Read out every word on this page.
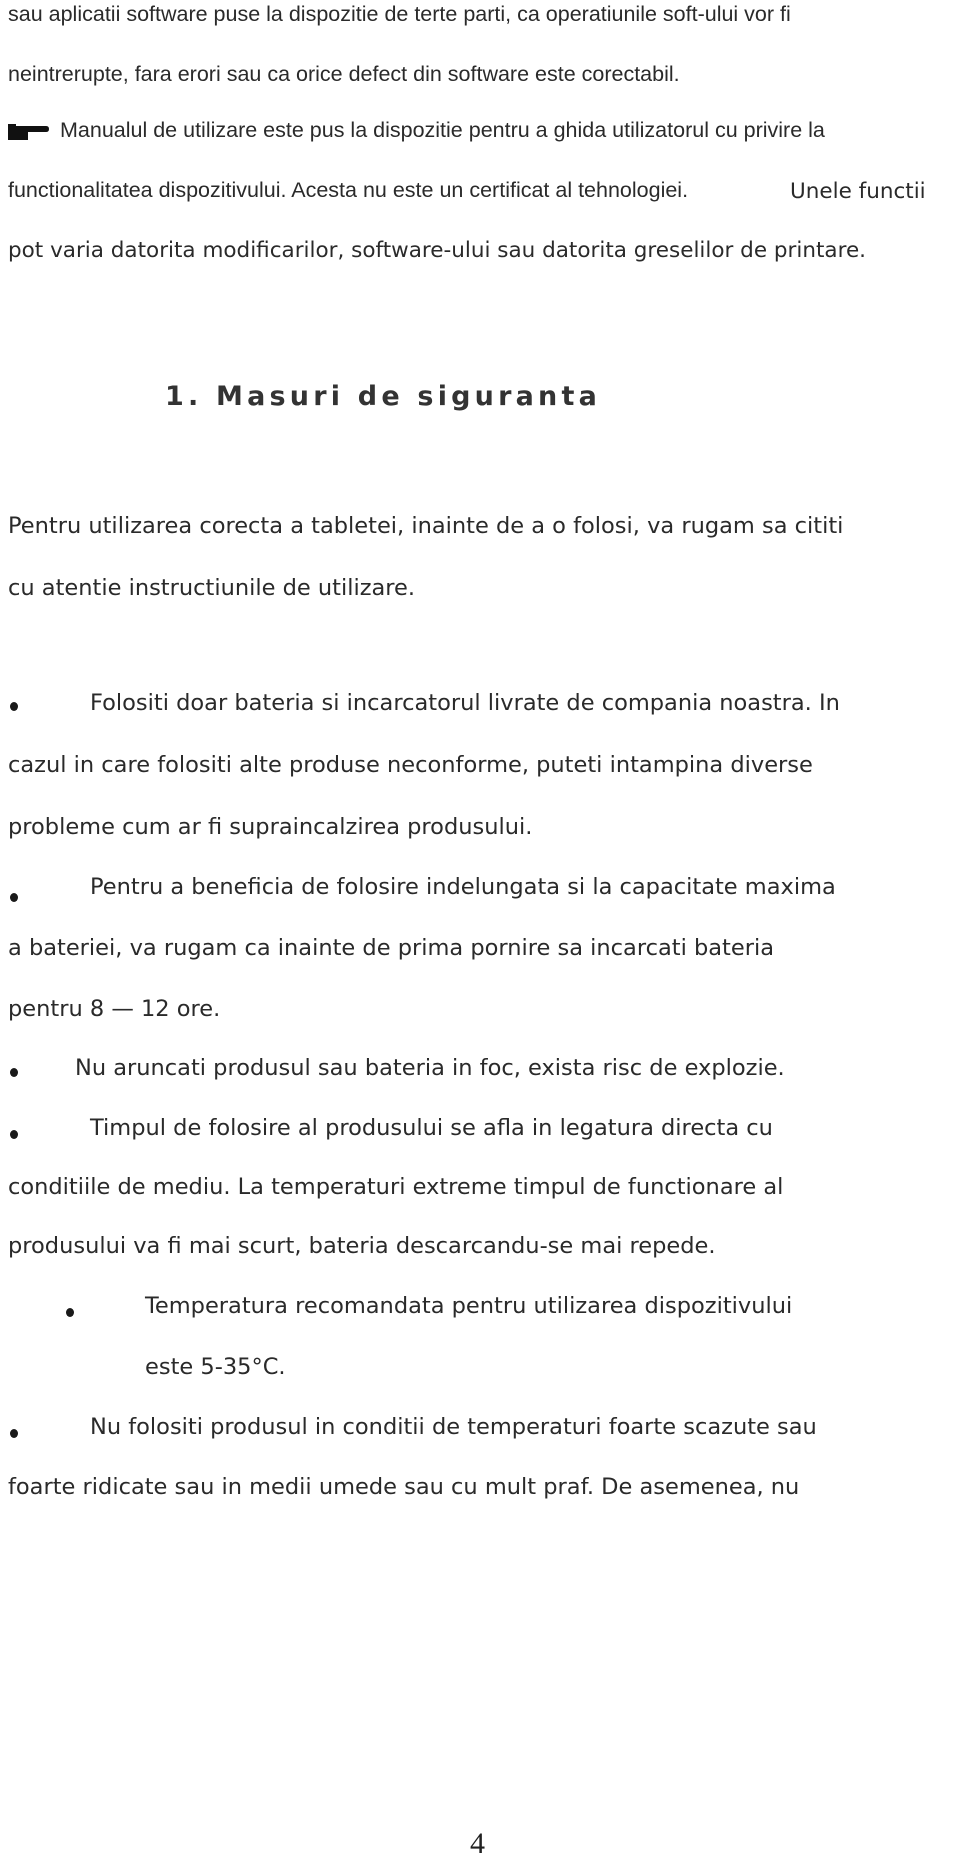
sau aplicatii software puse la dispozitie de terte parti, ca operatiunile soft-ului vor fi
neintrerupte, fara erori sau ca orice defect din software este corectabil.
Manualul de utilizare este pus la dispozitie pentru a ghida utilizatorul cu privire la
functionalitatea dispozitivului. Acesta nu este un certificat al tehnologiei.	Unele functii
pot varia datorita modificarilor, software-ului sau datorita greselilor de printare.
1. Masuri de siguranta
Pentru utilizarea corecta a tabletei, inainte de a o folosi, va rugam sa cititi
cu atentie instructiunile de utilizare.
Folositi doar bateria si incarcatorul livrate de compania noastra. In
cazul in care folositi alte produse neconforme, puteti intampina diverse
probleme cum ar fi supraincalzirea produsului.
Pentru a beneficia de folosire indelungata si la capacitate maxima
a bateriei, va rugam ca inainte de prima pornire sa incarcati bateria
pentru 8 — 12 ore.
Nu aruncati produsul sau bateria in foc, exista risc de explozie.
Timpul de folosire al produsului se afla in legatura directa cu
conditiile de mediu. La temperaturi extreme timpul de functionare al
produsului va fi mai scurt, bateria descarcandu-se mai repede.
Temperatura recomandata pentru utilizarea dispozitivului
este 5-35°C.
Nu folositi produsul in conditii de temperaturi foarte scazute sau
foarte ridicate sau in medii umede sau cu mult praf. De asemenea, nu
4
